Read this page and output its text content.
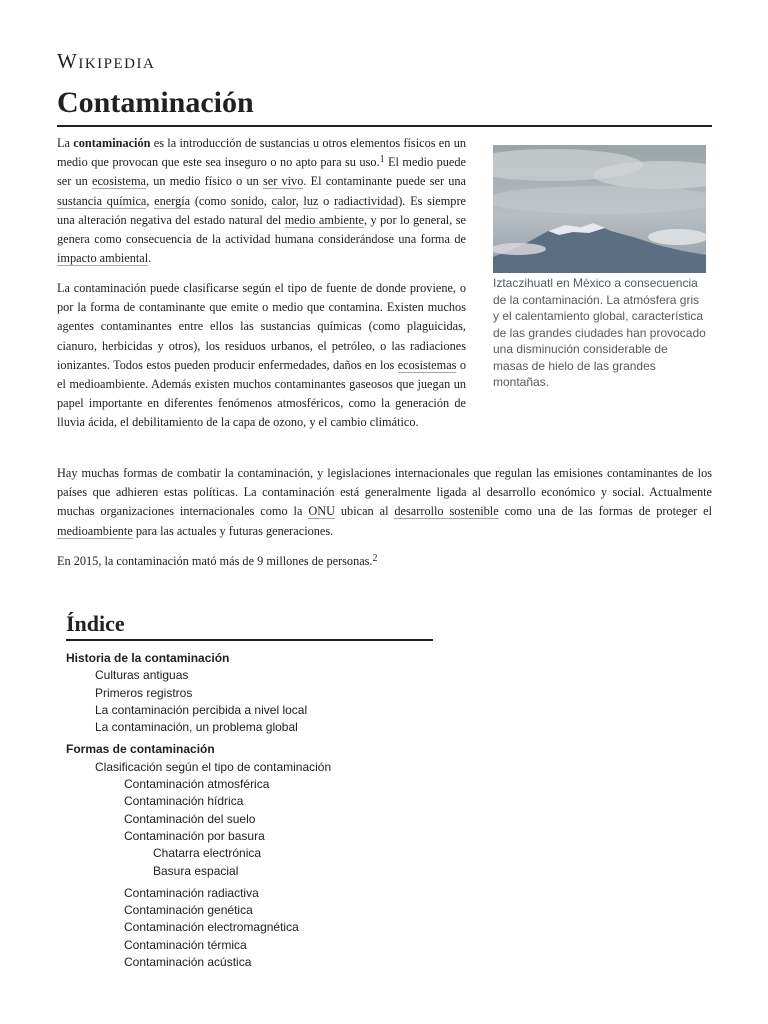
Wikipedia
Contaminación

La contaminación es la introducción de sustancias u otros elementos físicos en un medio que provocan que este sea inseguro o no apto para su uso.$^1$ El medio puede ser un ecosistema, un medio físico o un ser vivo. El contaminante puede ser una sustancia química, energía (como sonido, calor, luz o radiactividad). Es siempre una alteración negativa del estado natural del medio ambiente, y por lo general, se genera como consecuencia de la actividad humana considerándose una forma de impacto ambiental.

La contaminación puede clasificarse según el tipo de fuente de donde proviene, o por la forma de contaminante que emite o medio que contamina. Existen muchos agentes contaminantes entre ellos las sustancias químicas (como plaguicidas, cianuro, herbicidas y otros), los residuos urbanos, el petróleo, o las radiaciones ionizantes. Todos estos pueden producir enfermedades, daños en los ecosistemas o el medioambiente. Además existen muchos contaminantes gaseosos que juegan un papel importante en diferentes fenómenos atmosféricos, como la generación de lluvia ácida, el debilitamiento de la capa de ozono, y el cambio climático.

Iztaczihuatl en México a consecuencia de la contaminación. La atmósfera gris y el calentamiento global, característica de las grandes ciudades han provocado una disminución considerable de masas de hielo de las grandes montañas.

Hay muchas formas de combatir la contaminación, y legislaciones internacionales que regulan las emisiones contaminantes de los países que adhieren estas políticas. La contaminación está generalmente ligada al desarrollo económico y social. Actualmente muchas organizaciones internacionales como la ONU ubican al desarrollo sostenible como una de las formas de proteger el medioambiente para las actuales y futuras generaciones.

En 2015, la contaminación mató más de 9 millones de personas.$^2$

Índice
Historia de la contaminación
Culturas antiguas
Primeros registros
La contaminación percibida a nivel local
La contaminación, un problema global
Formas de contaminación
Clasificación según el tipo de contaminación
Contaminación atmosférica
Contaminación hídrica
Contaminación del suelo
Contaminación por basura
Chatarra electrónica
Basura espacial
Contaminación radiactiva
Contaminación genética
Contaminación electromagnética
Contaminación térmica
Contaminación acústica
